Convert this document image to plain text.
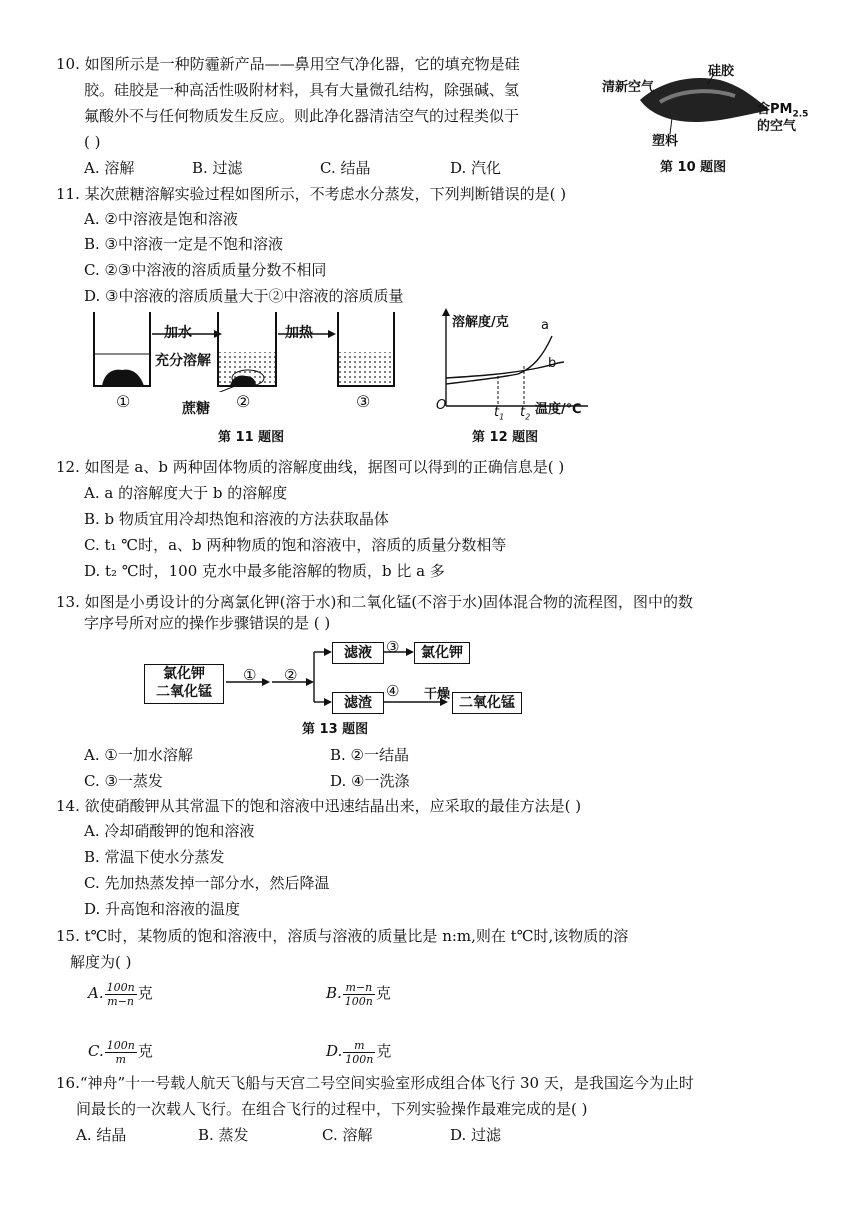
10. 如图所示是一种防霾新产品——鼻用空气净化器，它的填充物是硅
胶。硅胶是一种高活性吸附材料，具有大量微孔结构，除强碱、氢
氟酸外不与任何物质发生反应。则此净化器清洁空气的过程类似于
( )
A. 溶解	B. 过滤	C. 结晶	D. 汽化
硅胶
清新空气
塑料
含$PM_{2.5}$
的空气
第 10 题图
11. 某次蔗糖溶解实验过程如图所示，不考虑水分蒸发，下列判断错误的是( )
A. ②中溶液是饱和溶液
B. ③中溶液一定是不饱和溶液
C. ②③中溶液的溶质质量分数不相同
D. ③中溶液的溶质质量大于②中溶液的溶质质量
加水
充分溶解
加热
蔗糖
①	②	③
第 11 题图
溶解度/克
温度/℃
O
a
b
$t_1$ $t_2$
第 12 题图
12. 如图是 a、b 两种固体物质的溶解度曲线，据图可以得到的正确信息是( )
A. a 的溶解度大于 b 的溶解度
B. b 物质宜用冷却热饱和溶液的方法获取晶体
C. t₁ ℃时，a、b 两种物质的饱和溶液中，溶质的质量分数相等
D. t₂ ℃时，100 克水中最多能溶解的物质，b 比 a 多
13. 如图是小勇设计的分离氯化钾(溶于水)和二氧化锰(不溶于水)固体混合物的流程图，图中的数
字序号所对应的操作步骤错误的是 ( )
氯化钾
二氧化锰
① ②
滤液 ③	氯化钾
滤渣
④ 干燥
二氧化锰
第 13 题图
A. ①一加水溶解	B. ②一结晶
C. ③一蒸发	D. ④一洗涤
14. 欲使硝酸钾从其常温下的饱和溶液中迅速结晶出来，应采取的最佳方法是( )
A. 冷却硝酸钾的饱和溶液
B. 常温下使水分蒸发
C. 先加热蒸发掉一部分水，然后降温
D. 升高饱和溶液的温度
15. t℃时，某物质的饱和溶液中，溶质与溶液的质量比是 n:m,则在 t℃时,该物质的溶
解度为( )
A. $\frac{100n}{m-n}$ 克	B. $\frac{m-n}{100n}$ 克
C. $\frac{100n}{m}$ 克	D. $\frac{m}{100n}$ 克
16.“神舟”十一号载人航天飞船与天宫二号空间实验室形成组合体飞行 30 天，是我国迄今为止时
间最长的一次载人飞行。在组合飞行的过程中，下列实验操作最难完成的是( )
A. 结晶	B. 蒸发	C. 溶解	D. 过滤
